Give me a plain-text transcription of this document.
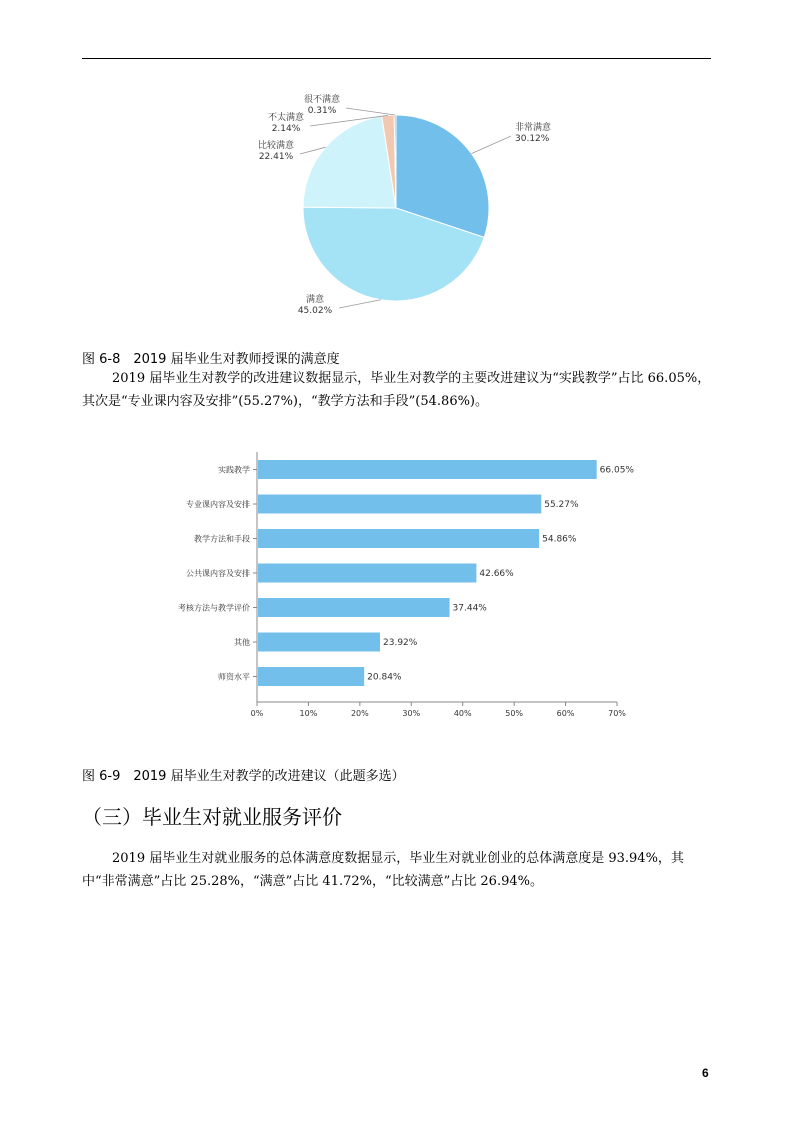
非常满意
30.12%
满意
45.02%
比较满意
22.41%
不太满意
2.14%
很不满意
0.31%
图 6-8　2019 届毕业生对教师授课的满意度
2019 届毕业生对教学的改进建议数据显示，毕业生对教学的主要改进建议为“实践教学”占比 66.05%，其次是“专业课内容及安排”(55.27%)，“教学方法和手段”(54.86%)。
0%	10%	20%	30%	40%	50%	60%	70%
实践教学	66.05%
专业课内容及安排	55.27%
教学方法和手段	54.86%
公共课内容及安排	42.66%
考核方法与教学评价	37.44%
其他	23.92%
师资水平	20.84%
图 6-9　2019 届毕业生对教学的改进建议（此题多选）
（三）毕业生对就业服务评价
2019 届毕业生对就业服务的总体满意度数据显示，毕业生对就业创业的总体满意度是 93.94%，其中“非常满意”占比 25.28%，“满意”占比 41.72%，“比较满意”占比 26.94%。
6
